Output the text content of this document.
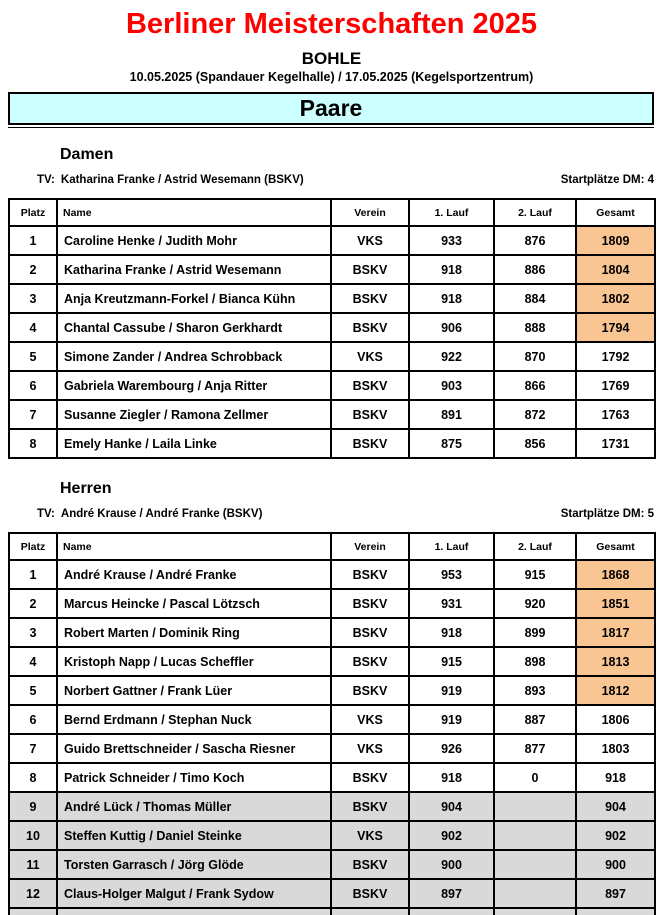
Berliner Meisterschaften 2025
BOHLE
10.05.2025 (Spandauer Kegelhalle) / 17.05.2025 (Kegelsportzentrum)
Paare
Damen
TV: Katharina Franke / Astrid Wesemann (BSKV)	Startplätze DM: 4
Platz	Name	Verein	1. Lauf	2. Lauf	Gesamt
1	Caroline Henke / Judith Mohr	VKS	933	876	1809
2	Katharina Franke / Astrid Wesemann	BSKV	918	886	1804
3	Anja Kreutzmann-Forkel / Bianca Kühn	BSKV	918	884	1802
4	Chantal Cassube / Sharon Gerkhardt	BSKV	906	888	1794
5	Simone Zander / Andrea Schrobback	VKS	922	870	1792
6	Gabriela Warembourg / Anja Ritter	BSKV	903	866	1769
7	Susanne Ziegler / Ramona Zellmer	BSKV	891	872	1763
8	Emely Hanke / Laila Linke	BSKV	875	856	1731
Herren
TV: André Krause / André Franke (BSKV)	Startplätze DM: 5
Platz	Name	Verein	1. Lauf	2. Lauf	Gesamt
1	André Krause / André Franke	BSKV	953	915	1868
2	Marcus Heincke / Pascal Lötzsch	BSKV	931	920	1851
3	Robert Marten / Dominik Ring	BSKV	918	899	1817
4	Kristoph Napp / Lucas Scheffler	BSKV	915	898	1813
5	Norbert Gattner / Frank Lüer	BSKV	919	893	1812
6	Bernd Erdmann / Stephan Nuck	VKS	919	887	1806
7	Guido Brettschneider / Sascha Riesner	VKS	926	877	1803
8	Patrick Schneider / Timo Koch	BSKV	918	0	918
9	André Lück / Thomas Müller	BSKV	904		904
10	Steffen Kuttig / Daniel Steinke	VKS	902		902
11	Torsten Garrasch / Jörg Glöde	BSKV	900		900
12	Claus-Holger Malgut / Frank Sydow	BSKV	897		897
